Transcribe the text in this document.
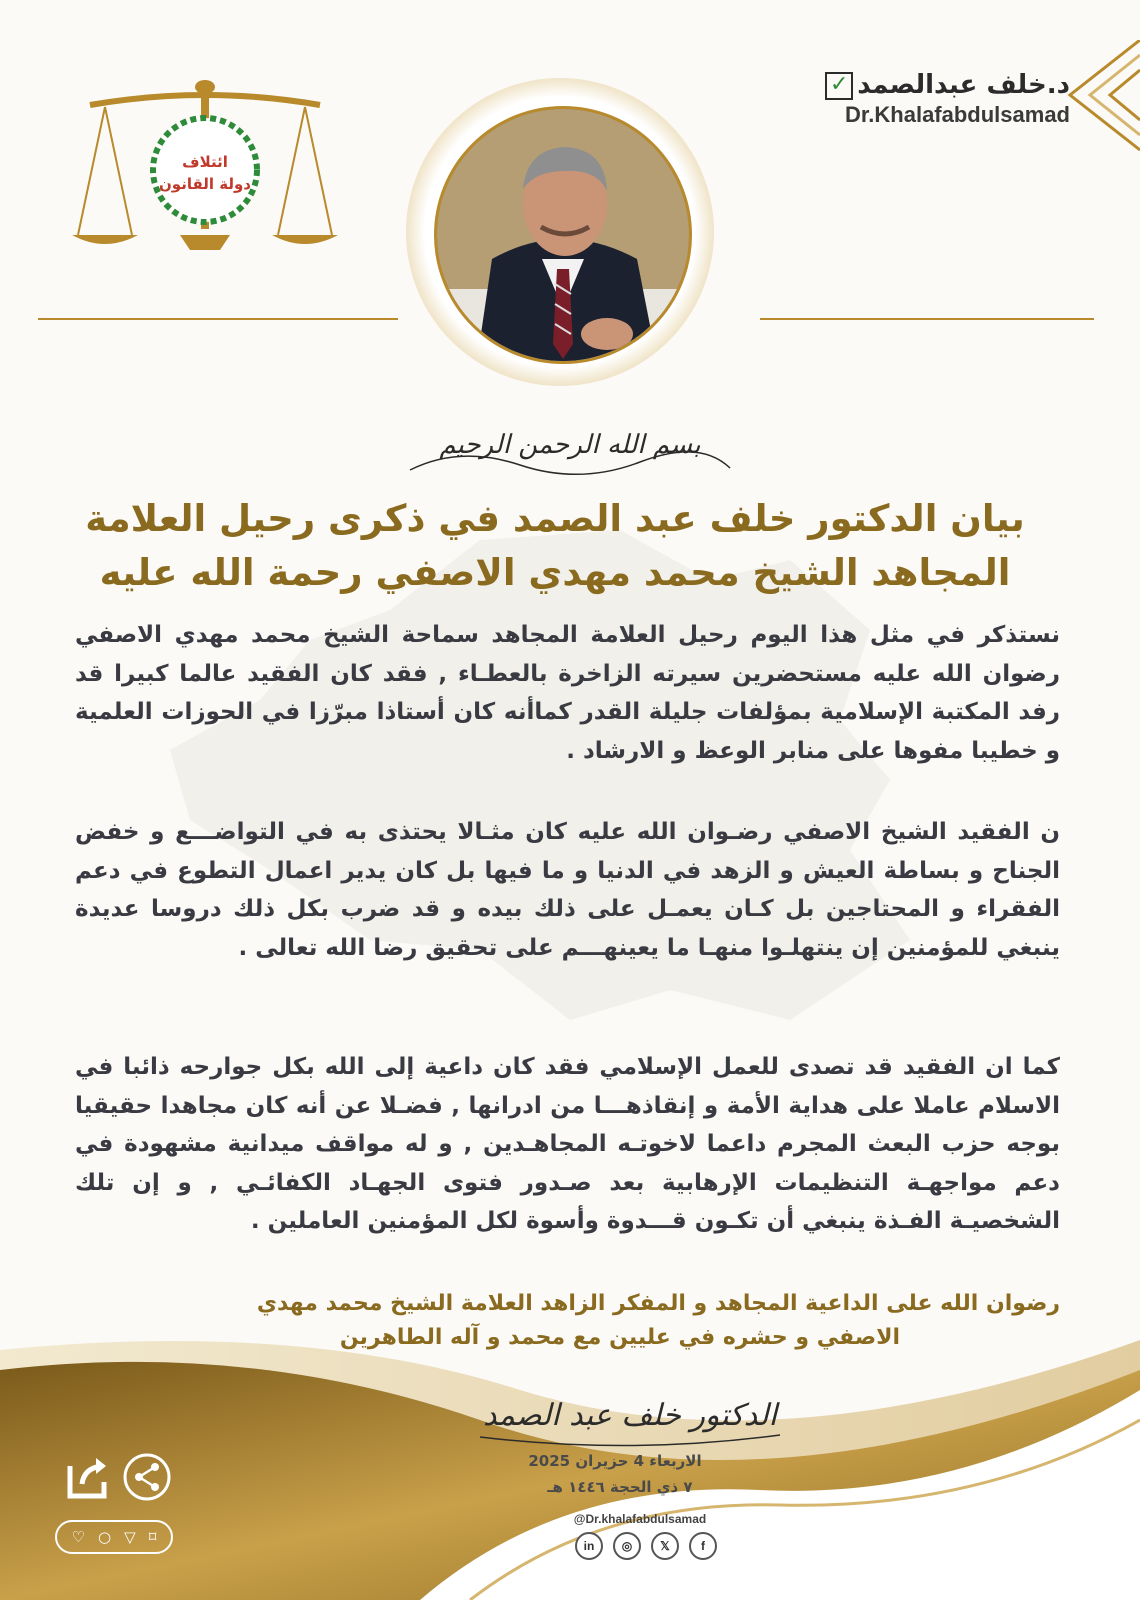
د.خلف عبدالصمد✓
Dr.Khalafabdulsamad
ائتلاف
دولة القانون
بسم الله الرحمن الرحيم
بيان الدكتور خلف عبد الصمد في ذكرى رحيل العلامة المجاهد الشيخ محمد مهدي الاصفي رحمة الله عليه
نستذكر في مثل هذا اليوم رحيل العلامة المجاهد سماحة الشيخ محمد مهدي الاصفي رضوان الله عليه مستحضرين سيرته الزاخرة بالعطـاء , فقد كان الفقيد عالما كبيرا قد رفد المكتبة الإسلامية بمؤلفات جليلة القدر كماأنه كان أستاذا مبرّزا في الحوزات العلمية و خطيبا مفوها على منابر الوعظ و الارشاد .
ن الفقيد الشيخ الاصفي رضـوان الله عليه كان مثـالا يحتذى به في التواضـــع و خفض الجناح و بساطة العيش و الزهد في الدنيا و ما فيها بل كان يدير اعمال التطوع في دعم الفقراء و المحتاجين بل كـان يعمـل على ذلك بيده و قد ضرب بكل ذلك دروسا عديدة ينبغي للمؤمنين إن ينتهلـوا منهـا ما يعينهـــم على تحقيق رضا الله تعالى .
كما ان الفقيد قد تصدى للعمل الإسلامي فقد كان داعية إلى الله بكل جوارحه ذائبا في الاسلام عاملا على هداية الأمة و إنقاذهـــا من ادرانها , فضـلا عن أنه كان مجاهدا حقيقيا بوجه حزب البعث المجرم داعما لاخوتـه المجاهـدين , و له مواقف ميدانية مشهودة في دعم مواجهـة التنظيمات الإرهابية بعد صـدور فتوى الجهـاد الكفائـي , و إن تلك الشخصيـة الفـذة ينبغي أن تكـون قـــدوة وأسوة لكل المؤمنين العاملين .
رضوان الله على الداعية المجاهد و المفكر الزاهد العلامة الشيخ محمد مهدي
الاصفي و حشره في عليين مع محمد و آله الطاهرين
الدكتور خلف عبد الصمد
الاربعاء 4 حزيران 2025
٧ ذي الحجة ١٤٤٦ هـ
@Dr.khalafabdulsamad
in	◎	𝕏	f
♡ ○ ▽ ⌑
